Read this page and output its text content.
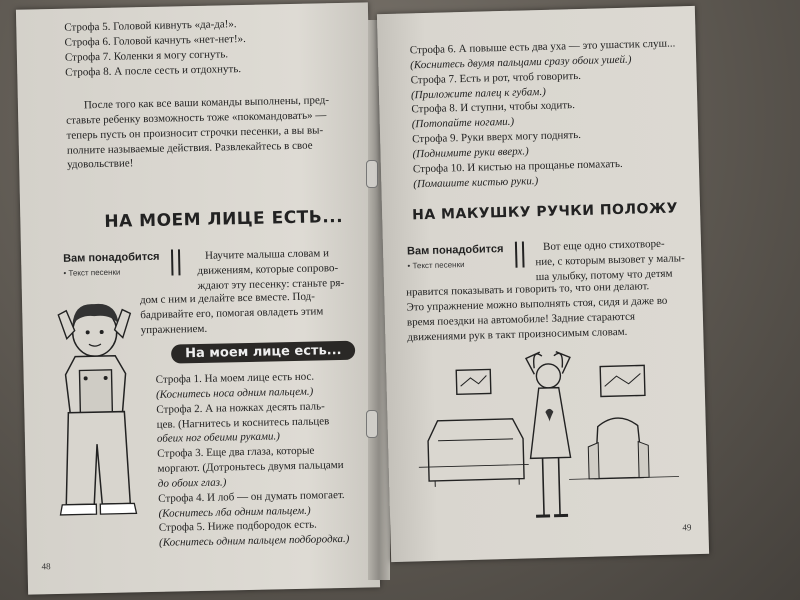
Строфа 5. Головой кивнуть «да-да!».

Строфа 6. Головой качнуть «нет-нет!».

Строфа 7. Коленки я могу согнуть.

Строфа 8. А после сесть и отдохнуть.

После того как все ваши команды выполнены, пред-

ставьте ребенку возможность тоже «покомандовать» —

теперь пусть он произносит строчки песенки, а вы вы-

полните называемые действия. Развлекайтесь в свое

удовольствие!

НА МОЕМ ЛИЦЕ ЕСТЬ...
Вам понадобится
• Текст песенки

Научите малыша словам и

движениям, которые сопрово-

ждают эту песенку: станьте ря-

дом с ним и делайте все вместе. Под-

бадривайте его, помогая овладеть этим

упражнением.

На моем лице есть...

Строфа 1. На моем лице есть нос.

(Коснитесь носа одним пальцем.)

Строфа 2. А на ножках десять паль-

цев. (Нагнитесь и коснитесь пальцев

обеих ног обеими руками.)

Строфа 3. Еще два глаза, которые

моргают. (Дотроньтесь двумя пальцами

до обоих глаз.)

Строфа 4. И лоб — он думать помогает.

(Коснитесь лба одним пальцем.)

Строфа 5. Ниже подбородок есть.

(Коснитесь одним пальцем подбородка.)

48

Строфа 6. А повыше есть два уха — это ушастик слуш...

(Коснитесь двумя пальцами сразу обоих ушей.)

Строфа 7. Есть и рот, чтоб говорить.

(Приложите палец к губам.)

Строфа 8. И ступни, чтобы ходить.

(Потопайте ногами.)

Строфа 9. Руки вверх могу поднять.

(Поднимите руки вверх.)

Строфа 10. И кистью на прощанье помахать.

(Помашите кистью руки.)

НА МАКУШКУ РУЧКИ ПОЛОЖУ
Вам понадобится
• Текст песенки

Вот еще одно стихотворе-

ние, с которым вызовет у малы-

ша улыбку, потому что детям

нравится показывать и говорить то, что они делают.

Это упражнение можно выполнять стоя, сидя и даже во

время поездки на автомобиле! Задние стараются

движениями рук в такт произносимым словам.

49
